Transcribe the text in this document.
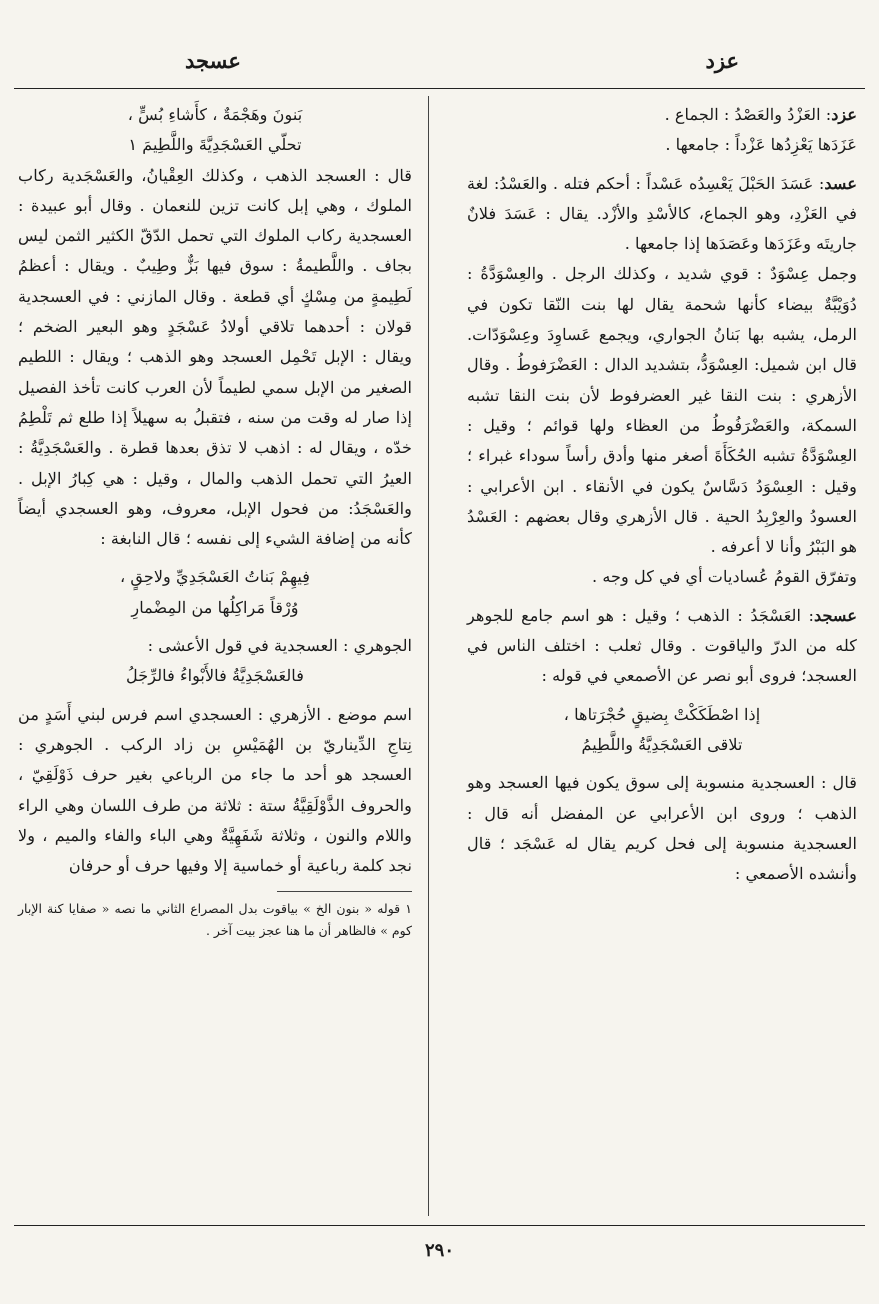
عزد
عسجد

عزد: العَزْدُ والعَصْدُ : الجماع .

عَزَدَها يَعْزِدُها عَزْداً : جامعها .

عسد: عَسَدَ الحَبْلَ يَعْسِدُه عَسْداً : أحكم فتله . والعَسْدُ: لغة في العَزْدِ، وهو الجماع، كالأسْدِ والأزْد. يقال : عَسَدَ فلانٌ جاريتَه وعَزَدَها وعَصَدَها إذا جامعها .

وجمل عِسْوَدٌ : قوي شديد ، وكذلك الرجل . والعِسْوَدَّةُ : دُوَيْبَّةٌ بيضاء كأنها شحمة يقال لها بنت النّقا تكون في الرمل، يشبه بها بَنانُ الجواري، ويجمع عَساوِدَ وعِسْوَدّات. قال ابن شميل: العِسْوَدُّ، بتشديد الدال : العَضْرَفوطُ . وقال الأزهري : بنت النقا غير العضرفوط لأن بنت النقا تشبه السمكة، والعَضْرَفُوطُ من العظاء ولها قوائم ؛ وقيل : العِسْوَدَّةُ تشبه الحُكَأَةَ أصغر منها وأدق رأساً سوداء غبراء ؛ وقيل : العِسْوَدُ دَسَّاسٌ يكون في الأنقاء . ابن الأعرابي : العسودُ والعِرْبِدُ الحية . قال الأزهري وقال بعضهم : العَسْدُ هو البَبْرُ وأنا لا أعرفه .

وتفرّق القومُ عُساديات أي في كل وجه .

عسجد: العَسْجَدُ : الذهب ؛ وقيل : هو اسم جامع للجوهر كله من الدرّ والياقوت . وقال ثعلب : اختلف الناس في العسجد؛ فروى أبو نصر عن الأصمعي في قوله :

إذا اصْطَكَكْتْ بِضيقٍ حُجْرَتاها ،

تلاقى العَسْجَدِيَّةُ واللَّطِيمُ

قال : العسجدية منسوبة إلى سوق يكون فيها العسجد وهو الذهب ؛ وروى ابن الأعرابي عن المفضل أنه قال : العسجدية منسوبة إلى فحل كريم يقال له عَسْجَد ؛ قال وأنشده الأصمعي :

بَنونَ وهَجْمَةٌ ، كأَشاءِ بُسٍّ ،

تحلّي العَسْجَدِيَّةَ واللَّطِيمَ ١

قال : العسجد الذهب ، وكذلك العِقْيانُ، والعَسْجَدية ركاب الملوك ، وهي إبل كانت تزين للنعمان . وقال أبو عبيدة : العسجدية ركاب الملوك التي تحمل الدّقّ الكثير الثمن ليس بجاف . واللَّطيمةُ : سوق فيها بَزٌّ وطِيبٌ . ويقال : أعظمُ لَطِيمةٍ من مِسْكٍ أي قطعة . وقال المازني : في العسجدية قولان : أحدهما تلاقي أولادُ عَسْجَدٍ وهو البعير الضخم ؛ ويقال : الإبل تَحْمِل العسجد وهو الذهب ؛ ويقال : اللطيم الصغير من الإبل سمي لطيماً لأن العرب كانت تأخذ الفصيل إذا صار له وقت من سنه ، فتقبلُ به سهيلاً إذا طلع ثم تَلْطِمُ خدّه ، ويقال له : اذهب لا تذق بعدها قطرة . والعَسْجَدِيَّةُ : العيرُ التي تحمل الذهب والمال ، وقيل : هي كِبارُ الإبل . والعَسْجَدُ: من فحول الإبل، معروف، وهو العسجدي أيضاً كأنه من إضافة الشيء إلى نفسه ؛ قال النابغة :

فِيهِمْ بَناتُ العَسْجَدِيِّ ولاحِقٍ ،

وُرْقاً مَراكِلُها من المِضْمارِ

الجوهري : العسجدية في قول الأعشى :

فالعَسْجَدِيَّةُ فالأَبْواءُ فالرِّجَلُ

اسم موضع . الأزهري : العسجدي اسم فرس لبني أَسَدٍ من نِتاجِ الدِّيناريّ بن الهُمَيْسِ بن زاد الركب . الجوهري : العسجد هو أحد ما جاء من الرباعي بغير حرف ذَوْلَقِيّ ، والحروف الذَّوْلَقِيَّةُ ستة : ثلاثة من طرف اللسان وهي الراء واللام والنون ، وثلاثة شَفَهِيَّةٌ وهي الباء والفاء والميم ، ولا نجد كلمة رباعية أو خماسية إلا وفيها حرف أو حرفان

١ قوله « بنون الخ » بياقوت بدل المصراع الثاني ما نصه « صفايا كنة الإبار كوم » فالظاهر أن ما هنا عجز بيت آخر .

٢٩٠
